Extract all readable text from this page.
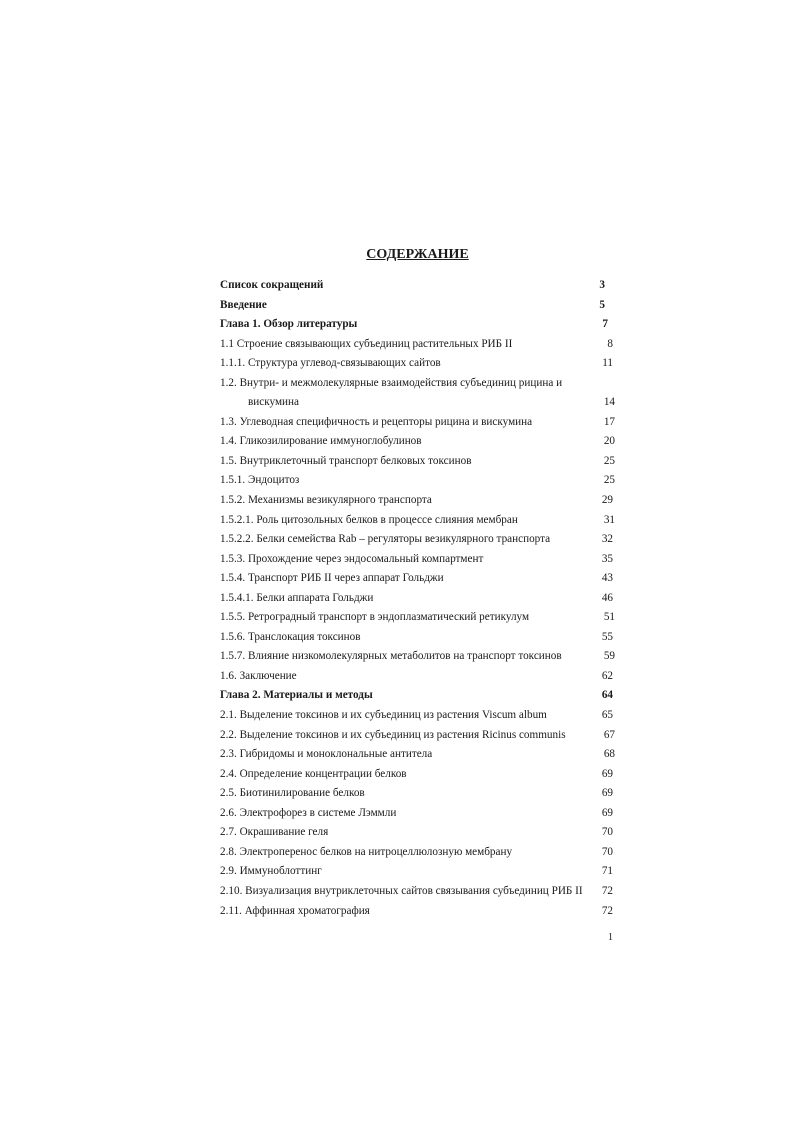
СОДЕРЖАНИЕ
Список сокращений	3
Введение	5
Глава 1. Обзор литературы	7
1.1 Строение связывающих субъединиц растительных РИБ II	8
1.1.1. Структура углевод-связывающих сайтов	11
1.2. Внутри- и межмолекулярные взаимодействия субъединиц рицина и
вискумина	14
1.3. Углеводная специфичность и рецепторы рицина и вискумина	17
1.4. Гликозилирование иммуноглобулинов	20
1.5. Внутриклеточный транспорт белковых токсинов	25
1.5.1. Эндоцитоз	25
1.5.2. Механизмы везикулярного транспорта	29
1.5.2.1. Роль цитозольных белков в процессе слияния мембран	31
1.5.2.2. Белки семейства Rab – регуляторы везикулярного транспорта	32
1.5.3. Прохождение через эндосомальный компартмент	35
1.5.4. Транспорт РИБ II через аппарат Гольджи	43
1.5.4.1. Белки аппарата Гольджи	46
1.5.5. Ретроградный транспорт в эндоплазматический ретикулум	51
1.5.6. Транслокация токсинов	55
1.5.7. Влияние низкомолекулярных метаболитов на транспорт токсинов	59
1.6. Заключение	62
Глава 2. Материалы и методы	64
2.1. Выделение токсинов и их субъединиц из растения Viscum album	65
2.2. Выделение токсинов и их субъединиц из растения Ricinus communis	67
2.3. Гибридомы и моноклональные антитела	68
2.4. Определение концентрации белков	69
2.5. Биотинилирование белков	69
2.6. Электрофорез в системе Лэммли	69
2.7. Окрашивание геля	70
2.8. Электроперенос белков на нитроцеллюлозную мембрану	70
2.9. Иммуноблоттинг	71
2.10. Визуализация внутриклеточных сайтов связывания субъединиц РИБ II	72
2.11. Аффинная хроматография	72
1
